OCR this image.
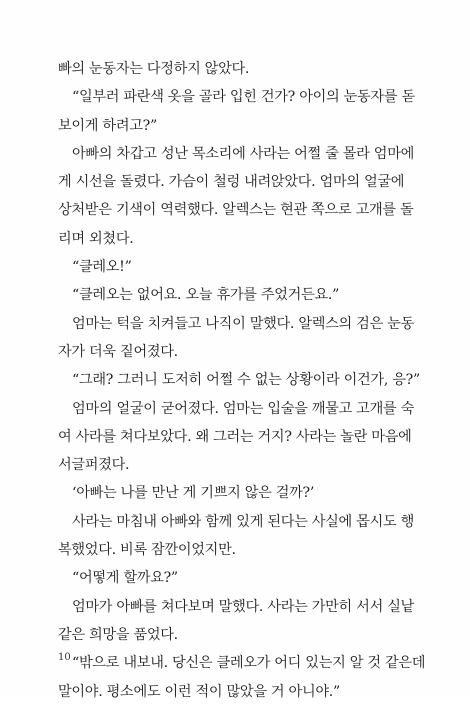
빠의 눈동자는 다정하지 않았다.
“일부러 파란색 옷을 골라 입힌 건가? 아이의 눈동자를 돋
보이게 하려고?”
아빠의 차갑고 성난 목소리에 사라는 어쩔 줄 몰라 엄마에
게 시선을 돌렸다. 가슴이 철렁 내려앉았다. 엄마의 얼굴에
상처받은 기색이 역력했다. 알렉스는 현관 쪽으로 고개를 돌
리며 외쳤다.
“클레오!”
“클레오는 없어요. 오늘 휴가를 주었거든요.”
엄마는 턱을 치켜들고 나직이 말했다. 알렉스의 검은 눈동
자가 더욱 짙어졌다.
“그래? 그러니 도저히 어쩔 수 없는 상황이라 이건가, 응?”
엄마의 얼굴이 굳어졌다. 엄마는 입술을 깨물고 고개를 숙
여 사라를 쳐다보았다. 왜 그러는 거지? 사라는 놀란 마음에
서글퍼졌다.
‘아빠는 나를 만난 게 기쁘지 않은 걸까?’
사라는 마침내 아빠와 함께 있게 된다는 사실에 몹시도 행
복했었다. 비록 잠깐이었지만.
“어떻게 할까요?”
엄마가 아빠를 쳐다보며 말했다. 사라는 가만히 서서 실낱
같은 희망을 품었다.
“밖으로 내보내. 당신은 클레오가 어디 있는지 알 것 같은데
말이야. 평소에도 이런 적이 많았을 거 아니야.”
10
